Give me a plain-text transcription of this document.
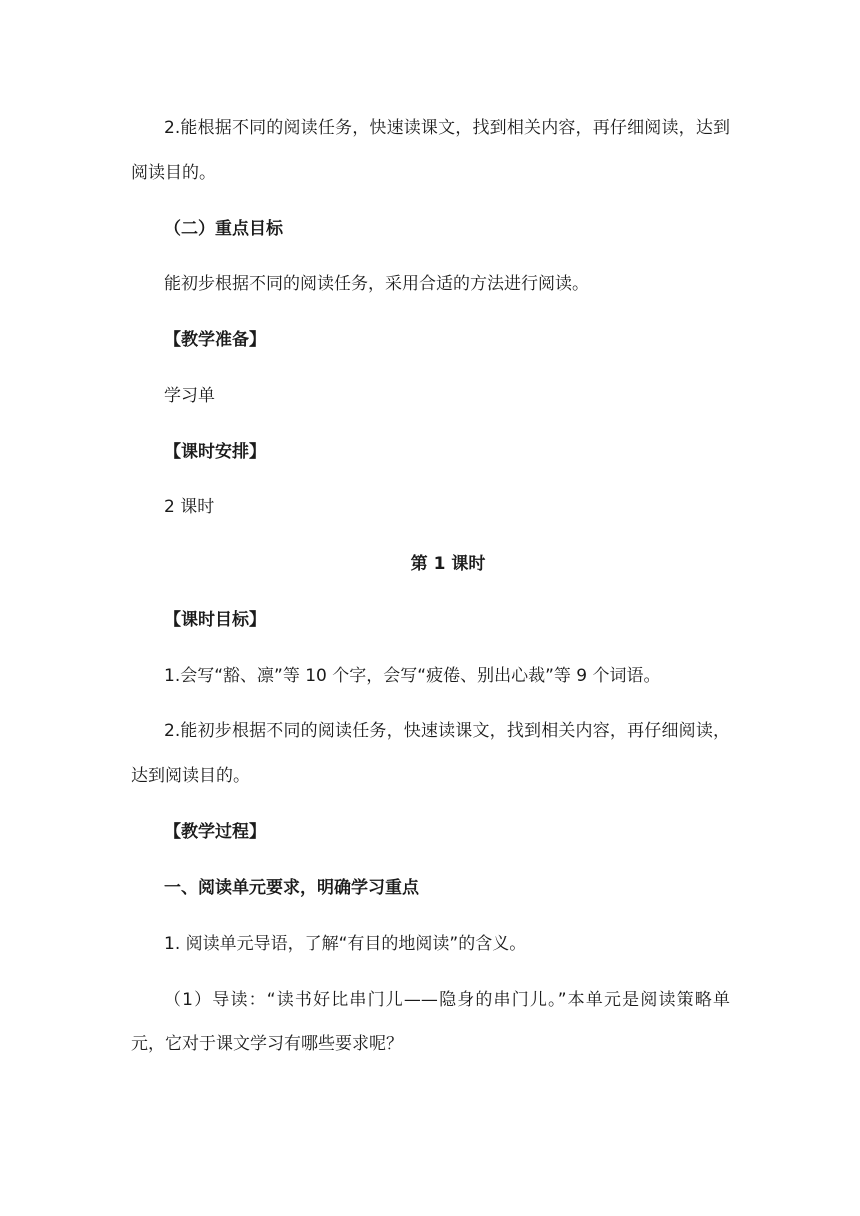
2.能根据不同的阅读任务，快速读课文，找到相关内容，再仔细阅读，达到
阅读目的。
（二）重点目标
能初步根据不同的阅读任务，采用合适的方法进行阅读。
【教学准备】
学习单
【课时安排】
2 课时
第 1 课时
【课时目标】
1.会写“豁、凛”等 10 个字，会写“疲倦、别出心裁”等 9 个词语。
2.能初步根据不同的阅读任务，快速读课文，找到相关内容，再仔细阅读，
达到阅读目的。
【教学过程】
一、阅读单元要求，明确学习重点
1. 阅读单元导语，了解“有目的地阅读”的含义。
（1）导读：“读书好比串门儿——隐身的串门儿。”本单元是阅读策略单
元，它对于课文学习有哪些要求呢？
